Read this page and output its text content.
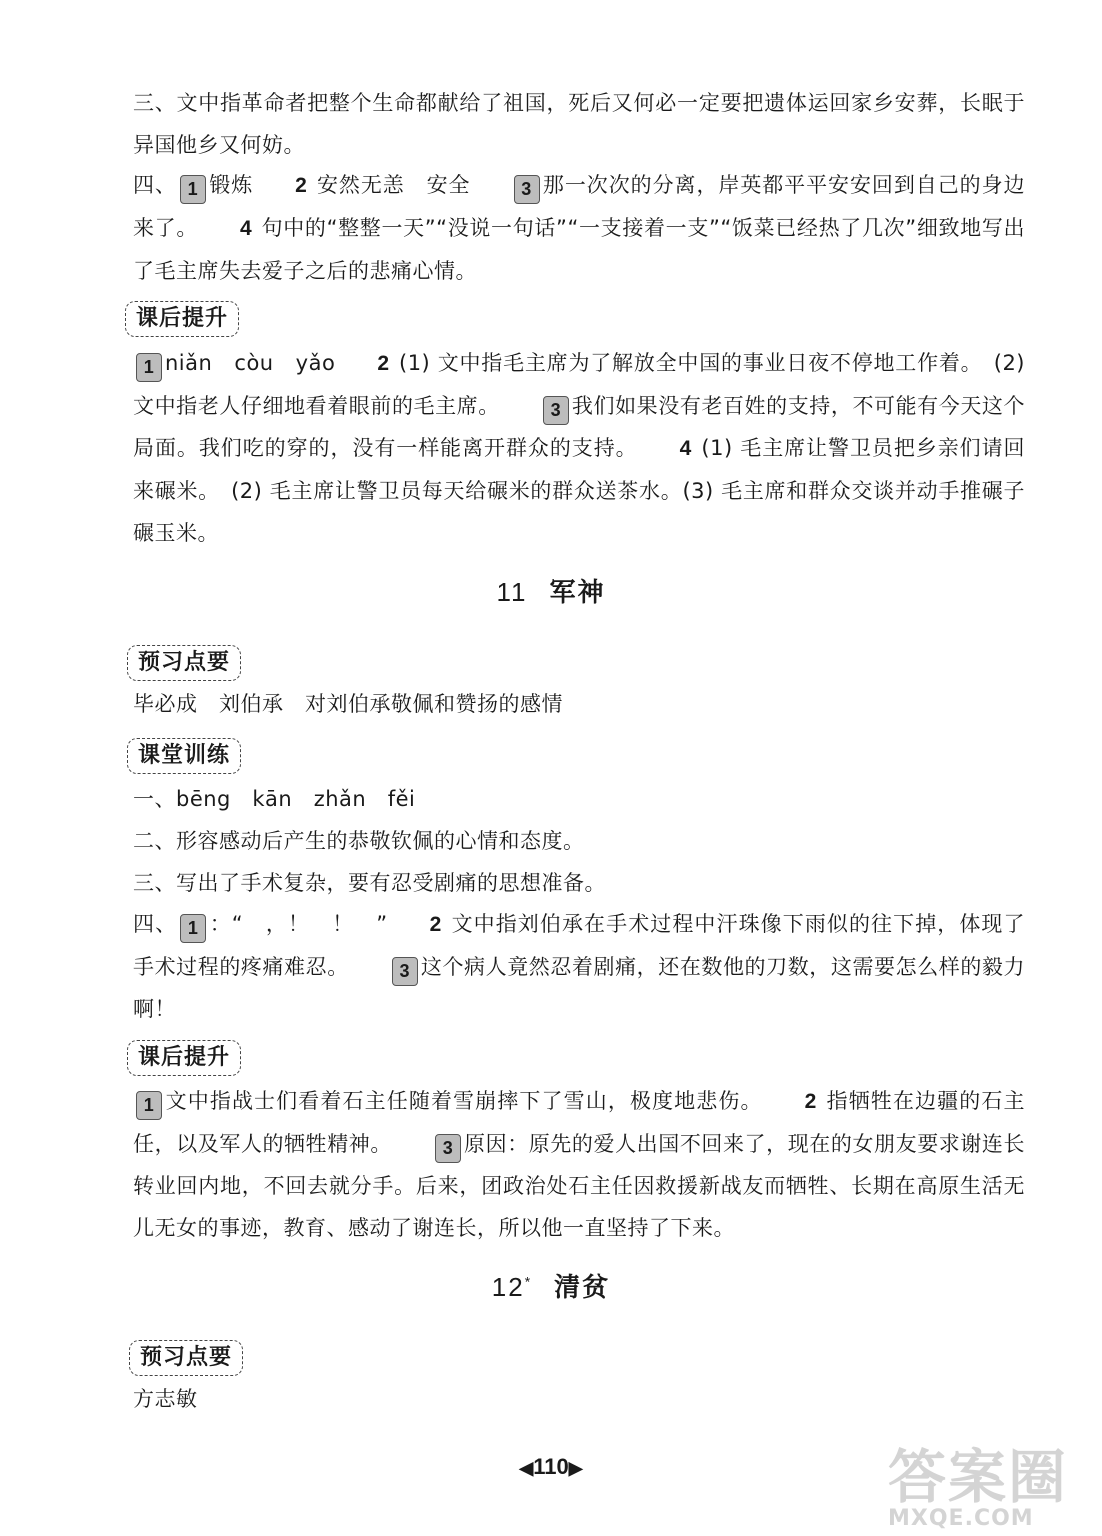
三、文中指革命者把整个生命都献给了祖国，死后又何必一定要把遗体运回家乡安葬，长眠于异国他乡又何妨。

四、 1 锻炼 2 安然无恙　安全	3 那一次次的分离，岸英都平平安安回到自己的身边来了。 4 句中的“整整一天”“没说一句话”“一支接着一支”“饭菜已经热了几次”细致地写出了毛主席失去爱子之后的悲痛心情。

课后提升

1 niǎn　còu　yǎo 2 (1) 文中指毛主席为了解放全中国的事业日夜不停地工作着。　(2) 文中指老人仔细地看着眼前的毛主席。	3 我们如果没有老百姓的支持，不可能有今天这个局面。我们吃的穿的，没有一样能离开群众的支持。 4 (1) 毛主席让警卫员把乡亲们请回来碾米。　(2) 毛主席让警卫员每天给碾米的群众送茶水。(3) 毛主席和群众交谈并动手推碾子碾玉米。

11 军神
预习点要

毕必成　刘伯承　对刘伯承敬佩和赞扬的感情

课堂训练

一、bēng　kān　zhǎn　fěi

二、形容感动后产生的恭敬钦佩的心情和态度。

三、写出了手术复杂，要有忍受剧痛的思想准备。

四、 1 ：“　，！　！　” 2 文中指刘伯承在手术过程中汗珠像下雨似的往下掉，体现了手术过程的疼痛难忍。	3 这个病人竟然忍着剧痛，还在数他的刀数，这需要怎么样的毅力啊！

课后提升

1 文中指战士们看着石主任随着雪崩摔下了雪山，极度地悲伤。 2 指牺牲在边疆的石主任，以及军人的牺牲精神。	3 原因：原先的爱人出国不回来了，现在的女朋友要求谢连长转业回内地，不回去就分手。后来，团政治处石主任因救援新战友而牺牲、长期在高原生活无儿无女的事迹，教育、感动了谢连长，所以他一直坚持了下来。

12* 清贫
预习点要

方志敏

◀110▶	答案圈
MXQE.COM
